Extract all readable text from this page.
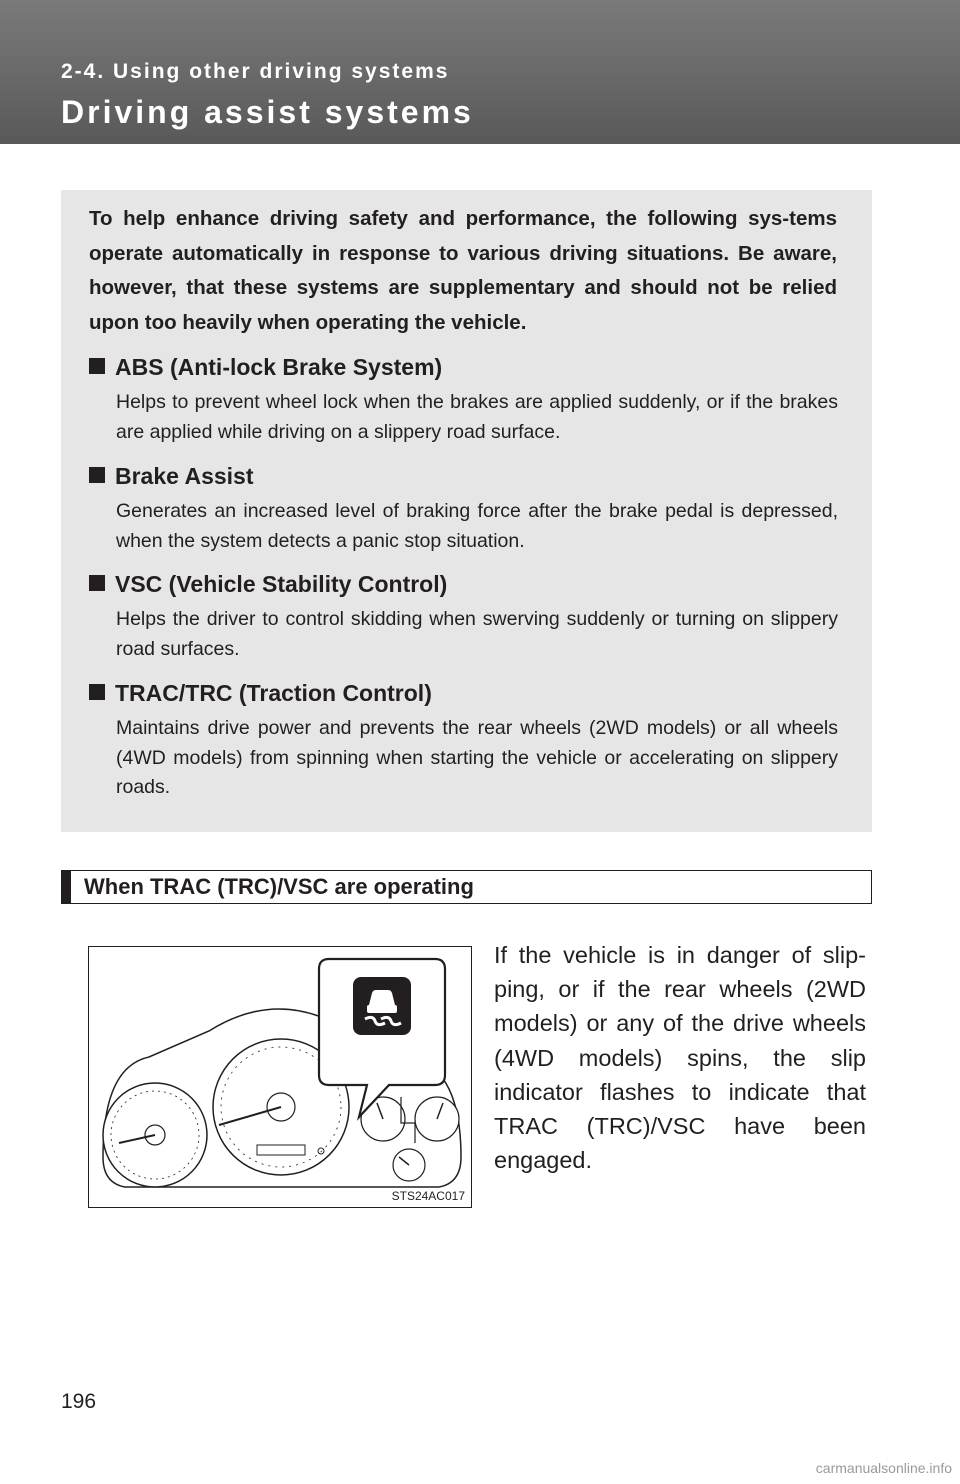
2-4. Using other driving systems
Driving assist systems
To help enhance driving safety and performance, the following sys-tems operate automatically in response to various driving situations. Be aware, however, that these systems are supplementary and should not be relied upon too heavily when operating the vehicle.
ABS (Anti-lock Brake System)
Helps to prevent wheel lock when the brakes are applied suddenly, or if the brakes are applied while driving on a slippery road surface.
Brake Assist
Generates an increased level of braking force after the brake pedal is depressed, when the system detects a panic stop situation.
VSC (Vehicle Stability Control)
Helps the driver to control skidding when swerving suddenly or turning on slippery road surfaces.
TRAC/TRC (Traction Control)
Maintains drive power and prevents the rear wheels (2WD models) or all wheels (4WD models) from spinning when starting the vehicle or accelerating on slippery roads.
When TRAC (TRC)/VSC are operating
STS24AC017
If the vehicle is in danger of slip-ping, or if the rear wheels (2WD models) or any of the drive wheels (4WD models) spins, the slip indicator flashes to indicate that TRAC (TRC)/VSC have been engaged.
196
carmanualsonline.info
